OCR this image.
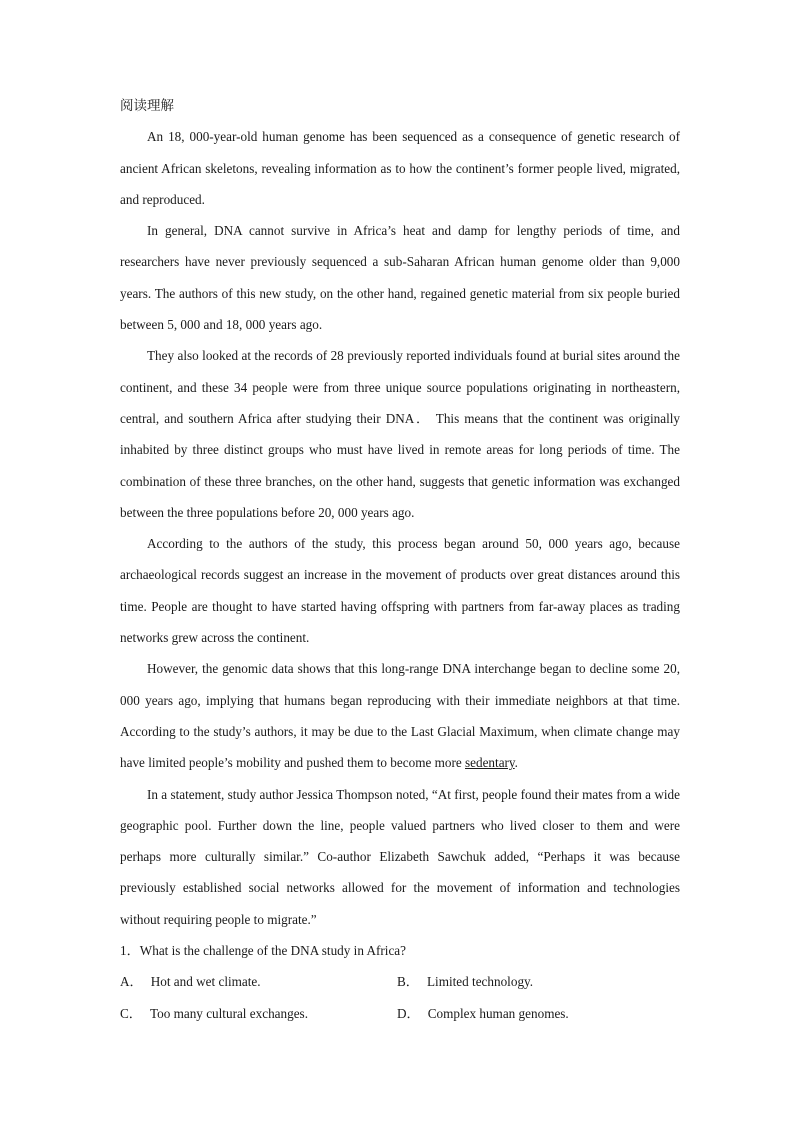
阅读理解

An 18, 000-year-old human genome has been sequenced as a consequence of genetic research of ancient African skeletons, revealing information as to how the continent’s former people lived, migrated, and reproduced.

In general, DNA cannot survive in Africa’s heat and damp for lengthy periods of time, and researchers have never previously sequenced a sub-Saharan African human genome older than 9,000 years. The authors of this new study, on the other hand, regained genetic material from six people buried between 5, 000 and 18, 000 years ago.

They also looked at the records of 28 previously reported individuals found at burial sites around the continent, and these 34 people were from three unique source populations originating in northeastern, central, and southern Africa after studying their DNA． This means that the continent was originally inhabited by three distinct groups who must have lived in remote areas for long periods of time. The combination of these three branches, on the other hand, suggests that genetic information was exchanged between the three populations before 20, 000 years ago.

According to the authors of the study, this process began around 50, 000 years ago, because archaeological records suggest an increase in the movement of products over great distances around this time. People are thought to have started having offspring with partners from far-away places as trading networks grew across the continent.

However, the genomic data shows that this long-range DNA interchange began to decline some 20, 000 years ago, implying that humans began reproducing with their immediate neighbors at that time. According to the study’s authors, it may be due to the Last Glacial Maximum, when climate change may have limited people’s mobility and pushed them to become more sedentary.

In a statement, study author Jessica Thompson noted, “At first, people found their mates from a wide geographic pool. Further down the line, people valued partners who lived closer to them and were perhaps more culturally similar.” Co-author Elizabeth Sawchuk added, “Perhaps it was because previously established social networks allowed for the movement of information and technologies without requiring people to migrate.”

1．What is the challenge of the DNA study in Africa?

A． Hot and wet climate.	B． Limited technology.
C． Too many cultural exchanges.	D． Complex human genomes.
